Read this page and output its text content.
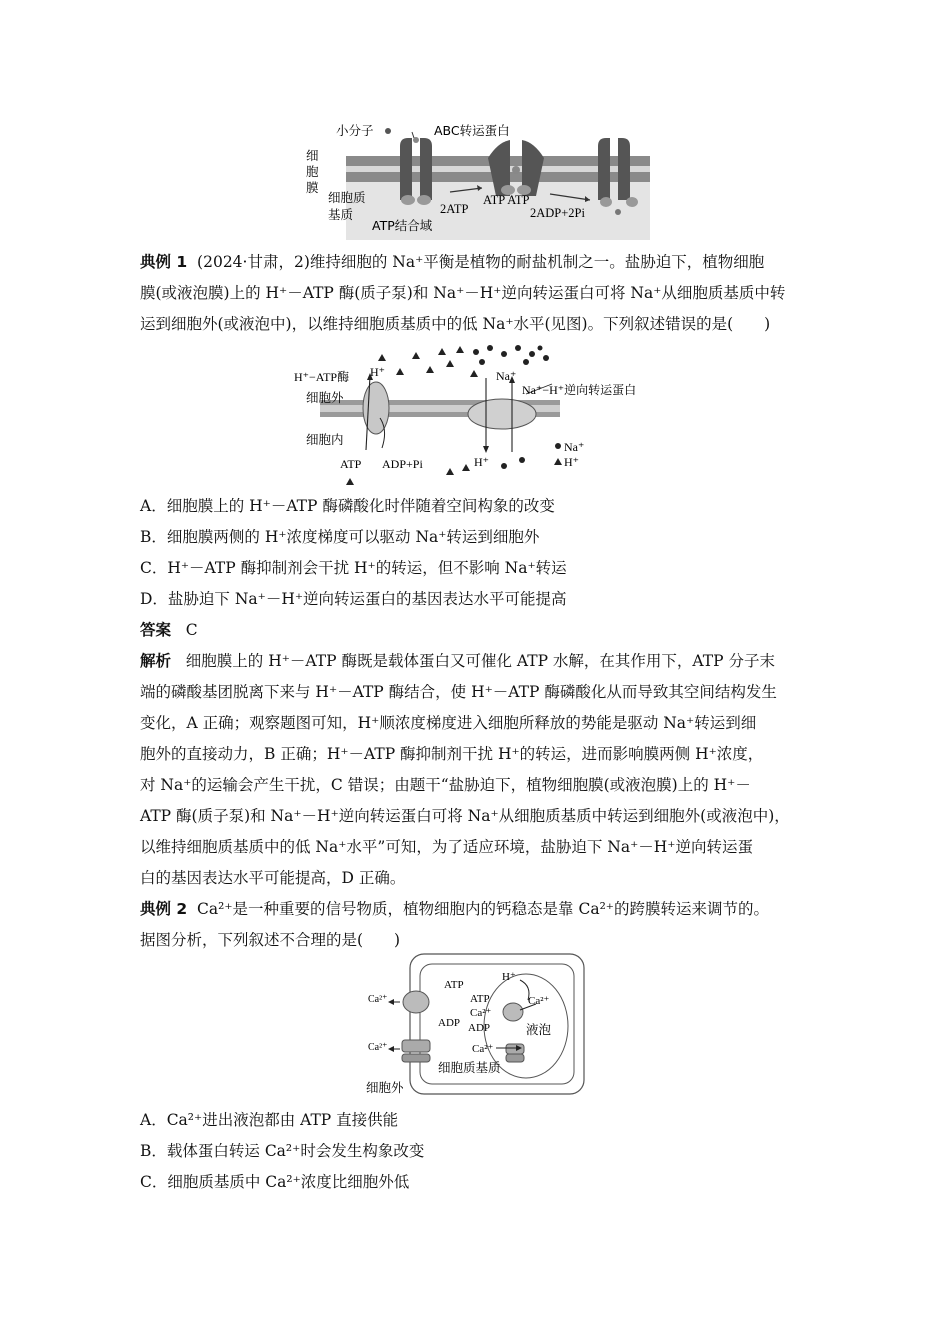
小分子	ABC转运蛋白
细
胞
膜
细胞质
基质
ATP结合域
2ATP
ATP ATP
2ADP+2Pi
典例 1 (2024·甘肃，2)维持细胞的 Na⁺平衡是植物的耐盐机制之一。盐胁迫下，植物细胞
膜(或液泡膜)上的 H⁺－ATP 酶(质子泵)和 Na⁺－H⁺逆向转运蛋白可将 Na⁺从细胞质基质中转
运到细胞外(或液泡中)，以维持细胞质基质中的低 Na⁺水平(见图)。下列叙述错误的是(　　)
H⁺−ATP酶 H⁺	Na⁺
Na⁺−H⁺逆向转运蛋白
细胞外
细胞内
ATP ADP+Pi	H⁺
Na⁺
H⁺
A．细胞膜上的 H⁺－ATP 酶磷酸化时伴随着空间构象的改变
B．细胞膜两侧的 H⁺浓度梯度可以驱动 Na⁺转运到细胞外
C．H⁺－ATP 酶抑制剂会干扰 H⁺的转运，但不影响 Na⁺转运
D．盐胁迫下 Na⁺－H⁺逆向转运蛋白的基因表达水平可能提高
答案 C
解析 细胞膜上的 H⁺－ATP 酶既是载体蛋白又可催化 ATP 水解，在其作用下，ATP 分子末
端的磷酸基团脱离下来与 H⁺－ATP 酶结合，使 H⁺－ATP 酶磷酸化从而导致其空间结构发生
变化，A 正确；观察题图可知，H⁺顺浓度梯度进入细胞所释放的势能是驱动 Na⁺转运到细
胞外的直接动力，B 正确；H⁺－ATP 酶抑制剂干扰 H⁺的转运，进而影响膜两侧 H⁺浓度，
对 Na⁺的运输会产生干扰，C 错误；由题干“盐胁迫下，植物细胞膜(或液泡膜)上的 H⁺－
ATP 酶(质子泵)和 Na⁺－H⁺逆向转运蛋白可将 Na⁺从细胞质基质中转运到细胞外(或液泡中)，
以维持细胞质基质中的低 Na⁺水平”可知，为了适应环境，盐胁迫下 Na⁺－H⁺逆向转运蛋
白的基因表达水平可能提高，D 正确。
典例 2 Ca²⁺是一种重要的信号物质，植物细胞内的钙稳态是靠 Ca²⁺的跨膜转运来调节的。
据图分析，下列叙述不合理的是(　　)
Ca²⁺
Ca²⁺
ATP
ADP
ATP
Ca²⁺
ADP
Ca²⁺
H⁺
Ca²⁺
液泡
细胞质基质
细胞外
A．Ca²⁺进出液泡都由 ATP 直接供能
B．载体蛋白转运 Ca²⁺时会发生构象改变
C．细胞质基质中 Ca²⁺浓度比细胞外低
